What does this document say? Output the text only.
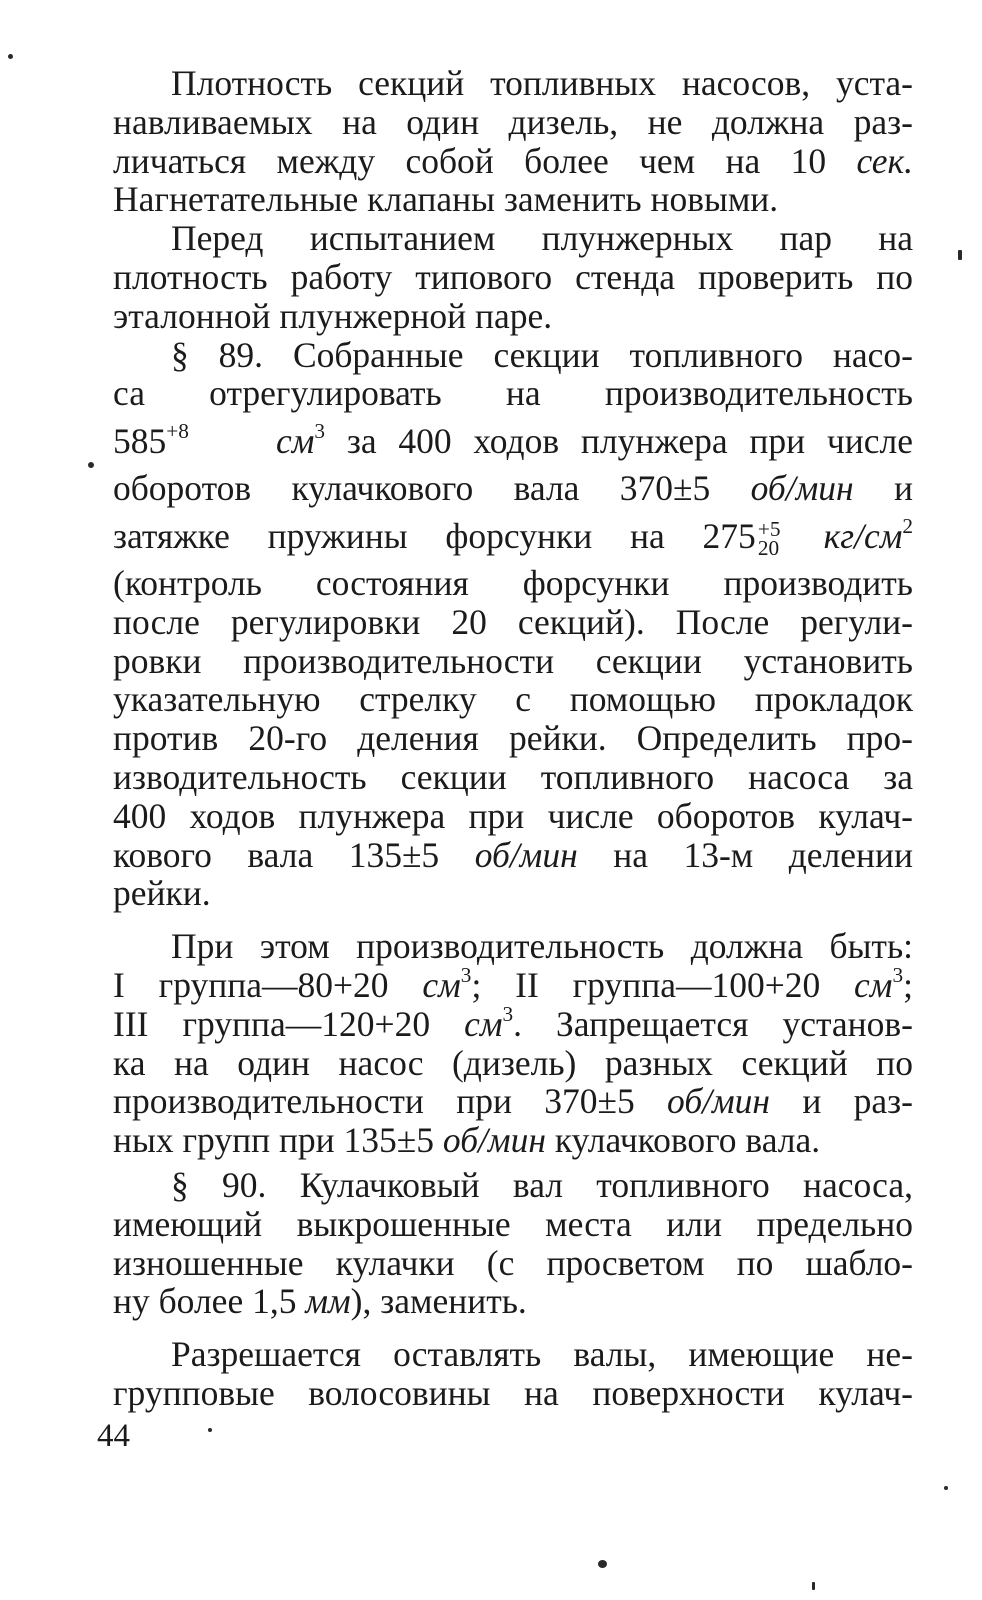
Плотность секций топливных насосов, уста-
навливаемых на один дизель, не должна раз-
личаться между собой более чем на 10 сек.
Нагнетательные клапаны заменить новыми.
Перед испытанием плунжерных пар на
плотность работу типового стенда проверить по
эталонной плунжерной паре.
§ 89. Собранные секции топливного насо-
са отрегулировать на производительность
$585^{+8}$ $см^3$ за 400 ходов плунжера при числе
оборотов кулачкового вала 370±5 об/мин и
затяжке пружины форсунки на 275 +5
20 $кг/см^2$
(контроль состояния форсунки производить
после регулировки 20 секций). После регули-
ровки производительности секции установить
указательную стрелку с помощью прокладок
против 20-го деления рейки. Определить про-
изводительность секции топливного насоса за
400 ходов плунжера при числе оборотов кулач-
кового вала 135±5 об/мин на 13-м делении
рейки.
При этом производительность должна быть:
I группа—80+20 $см^3$; II группа—100+20 $см^3$;
III группа—120+20 $см^3$. Запрещается установ-
ка на один насос (дизель) разных секций по
производительности при 370±5 об/мин и раз-
ных групп при 135±5 об/мин кулачкового вала.
§ 90. Кулачковый вал топливного насоса,
имеющий выкрошенные места или предельно
изношенные кулачки (с просветом по шабло-
ну более 1,5 мм), заменить.
Разрешается оставлять валы, имеющие не-
групповые волосовины на поверхности кулач-
44
